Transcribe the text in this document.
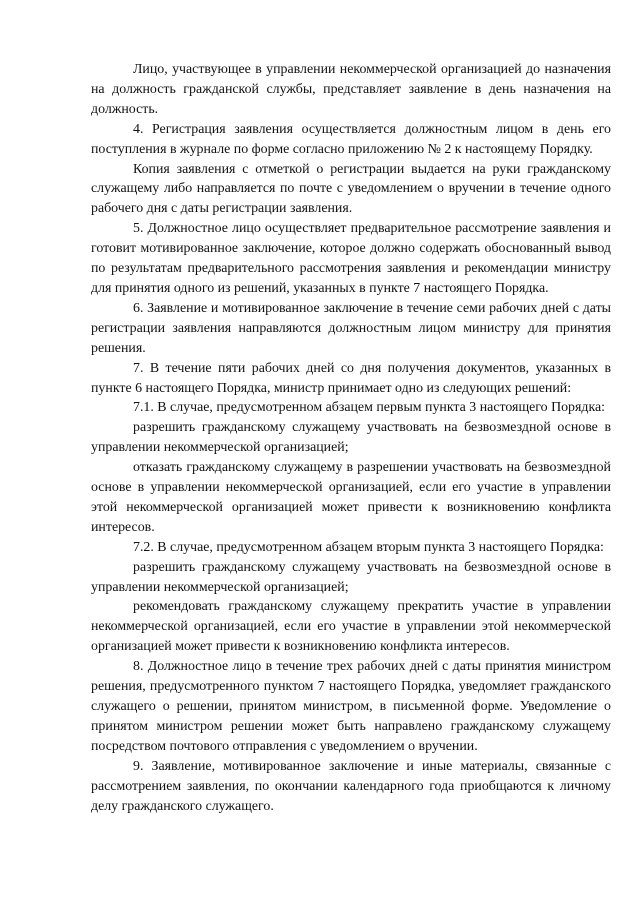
Лицо, участвующее в управлении некоммерческой организацией до назначения на должность гражданской службы, представляет заявление в день назначения на должность.

4. Регистрация заявления осуществляется должностным лицом в день его поступления в журнале по форме согласно приложению № 2 к настоящему Порядку.

Копия заявления с отметкой о регистрации выдается на руки гражданскому служащему либо направляется по почте с уведомлением о вручении в течение одного рабочего дня с даты регистрации заявления.

5. Должностное лицо осуществляет предварительное рассмотрение заявления и готовит мотивированное заключение, которое должно содержать обоснованный вывод по результатам предварительного рассмотрения заявления и рекомендации министру для принятия одного из решений, указанных в пункте 7 настоящего Порядка.

6. Заявление и мотивированное заключение в течение семи рабочих дней с даты регистрации заявления направляются должностным лицом министру для принятия решения.

7. В течение пяти рабочих дней со дня получения документов, указанных в пункте 6 настоящего Порядка, министр принимает одно из следующих решений:

7.1. В случае, предусмотренном абзацем первым пункта 3 настоящего Порядка:

разрешить гражданскому служащему участвовать на безвозмездной основе в управлении некоммерческой организацией;

отказать гражданскому служащему в разрешении участвовать на безвозмездной основе в управлении некоммерческой организацией, если его участие в управлении этой некоммерческой организацией может привести к возникновению конфликта интересов.

7.2. В случае, предусмотренном абзацем вторым пункта 3 настоящего Порядка:

разрешить гражданскому служащему участвовать на безвозмездной основе в управлении некоммерческой организацией;

рекомендовать гражданскому служащему прекратить участие в управлении некоммерческой организацией, если его участие в управлении этой некоммерческой организацией может привести к возникновению конфликта интересов.

8. Должностное лицо в течение трех рабочих дней с даты принятия министром решения, предусмотренного пунктом 7 настоящего Порядка, уведомляет гражданского служащего о решении, принятом министром, в письменной форме. Уведомление о принятом министром решении может быть направлено гражданскому служащему посредством почтового отправления с уведомлением о вручении.

9. Заявление, мотивированное заключение и иные материалы, связанные с рассмотрением заявления, по окончании календарного года приобщаются к личному делу гражданского служащего.
